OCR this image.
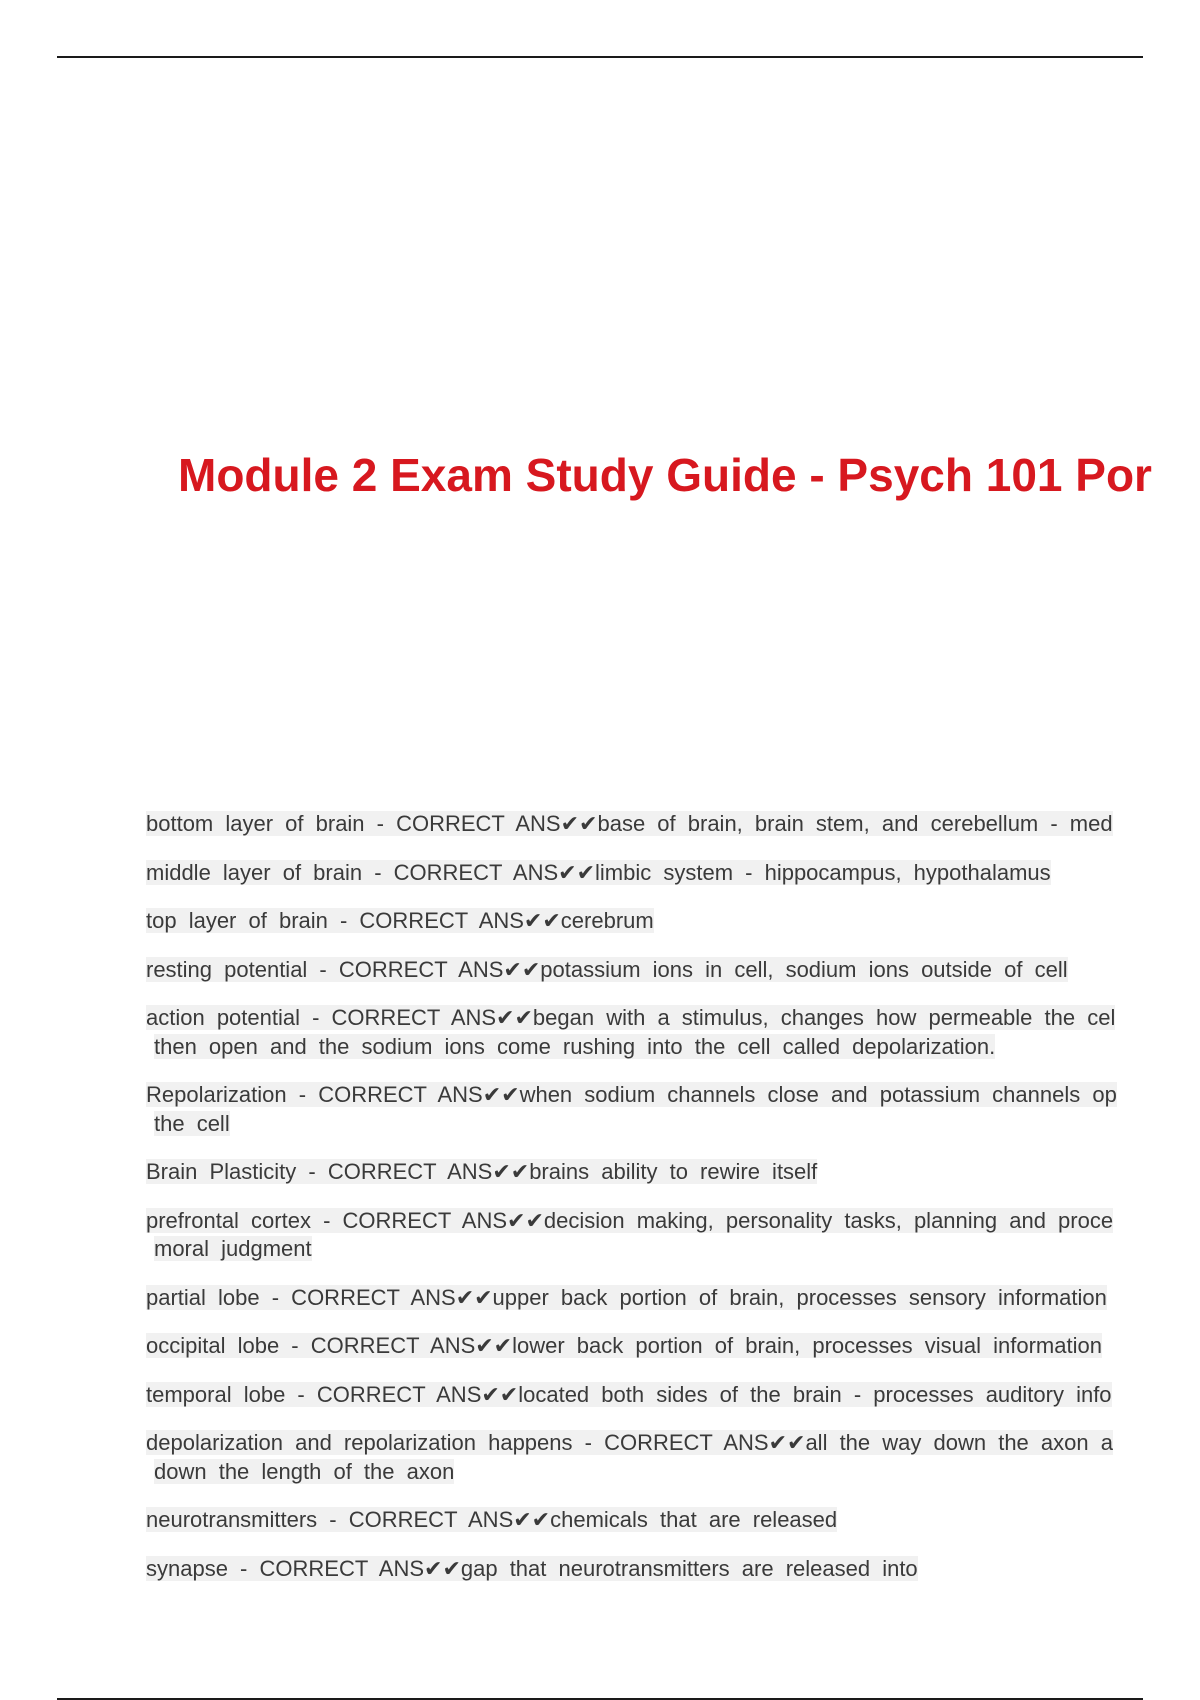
Module 2 Exam Study Guide - Psych 101 Por
bottom layer of brain - CORRECT ANS✔✔base of brain, brain stem, and cerebellum - med
middle layer of brain - CORRECT ANS✔✔limbic system - hippocampus, hypothalamus
top layer of brain - CORRECT ANS✔✔cerebrum
resting potential - CORRECT ANS✔✔potassium ions in cell, sodium ions outside of cell
action potential - CORRECT ANS✔✔began with a stimulus, changes how permeable the cel
then open and the sodium ions come rushing into the cell called depolarization.
Repolarization - CORRECT ANS✔✔when sodium channels close and potassium channels op
the cell
Brain Plasticity - CORRECT ANS✔✔brains ability to rewire itself
prefrontal cortex - CORRECT ANS✔✔decision making, personality tasks, planning and proce
moral judgment
partial lobe - CORRECT ANS✔✔upper back portion of brain, processes sensory information
occipital lobe - CORRECT ANS✔✔lower back portion of brain, processes visual information
temporal lobe - CORRECT ANS✔✔located both sides of the brain - processes auditory info
depolarization and repolarization happens - CORRECT ANS✔✔all the way down the axon a
down the length of the axon
neurotransmitters - CORRECT ANS✔✔chemicals that are released
synapse - CORRECT ANS✔✔gap that neurotransmitters are released into
